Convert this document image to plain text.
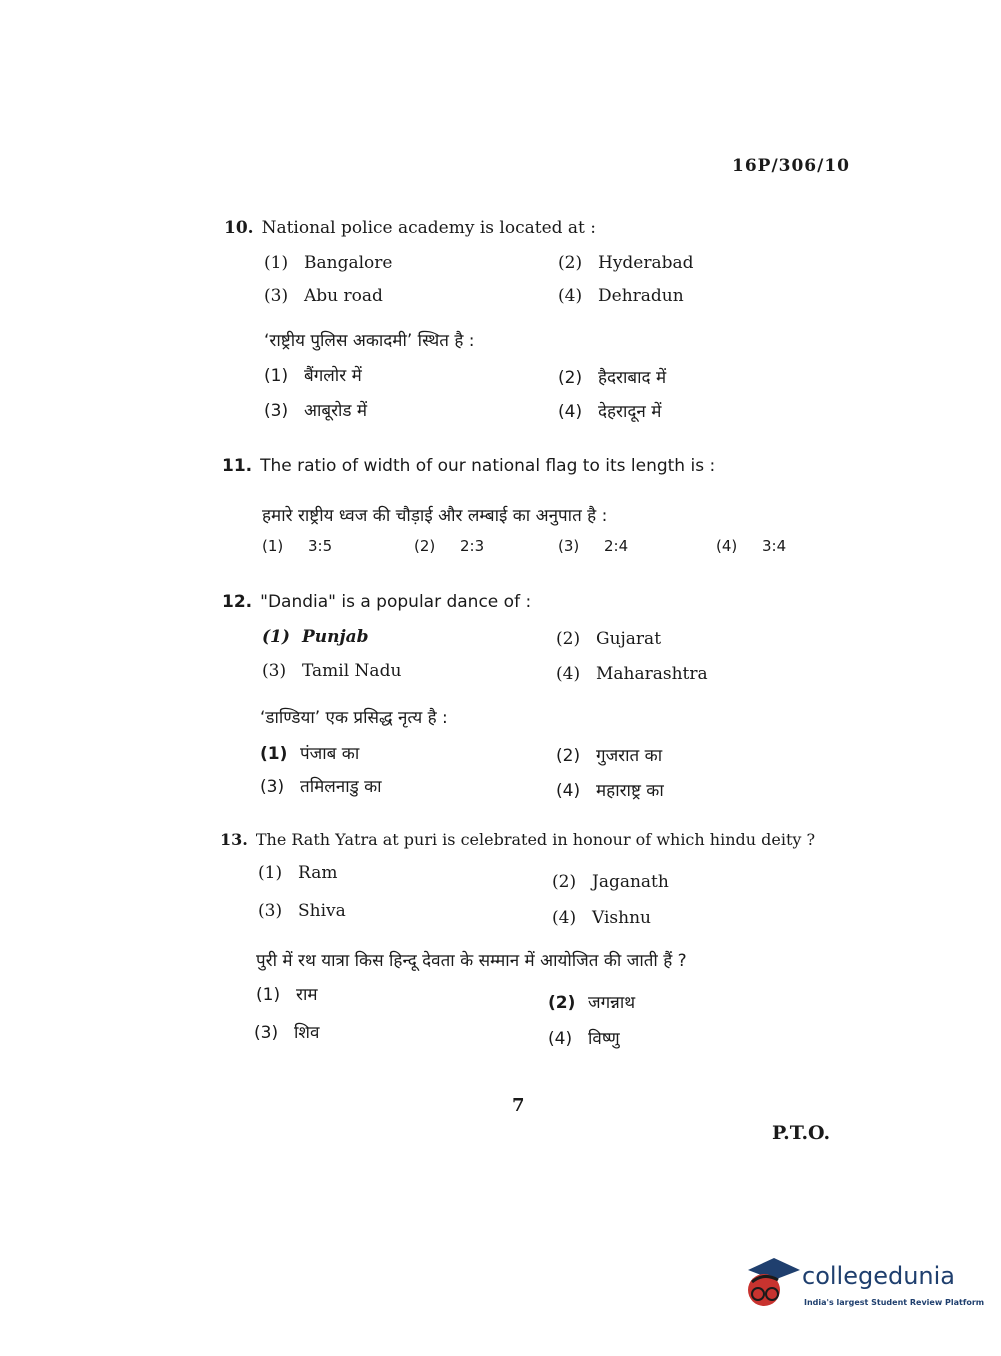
16P/306/10
10. National police academy is located at :
(1) Bangalore	(2) Hyderabad
(3) Abu road	(4) Dehradun
‘राष्ट्रीय पुलिस अकादमी’ स्थित है :
(1) बैंगलोर में	(2) हैदराबाद में
(3) आबूरोड में	(4) देहरादून में
11. The ratio of width of our national flag to its length is :
हमारे राष्ट्रीय ध्वज की चौड़ाई और लम्बाई का अनुपात है :
(1) 3:5	(2) 2:3	(3) 2:4	(4) 3:4
12. "Dandia" is a popular dance of :
(1) Punjab	(2) Gujarat
(3) Tamil Nadu	(4) Maharashtra
‘डाण्डिया’ एक प्रसिद्ध नृत्य है :
(1) पंजाब का	(2) गुजरात का
(3) तमिलनाडु का	(4) महाराष्ट्र का
13. The Rath Yatra at puri is celebrated in honour of which hindu deity ?
(1) Ram	(2) Jaganath
(3) Shiva	(4) Vishnu
पुरी में रथ यात्रा किस हिन्दू देवता के सम्मान में आयोजित की जाती हैं ?
(1) राम	(2) जगन्नाथ
(3) शिव	(4) विष्णु
7
P.T.O.
collegedunia
India's largest Student Review Platform
